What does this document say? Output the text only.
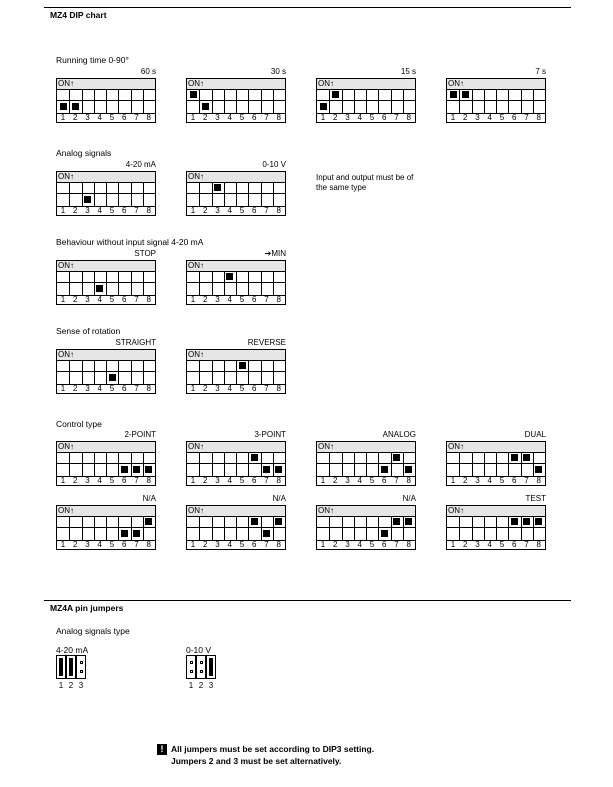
MZ4 DIP chart
Running time 0-90°
Analog signals
Input and output must be of the same type
Behaviour without input signal 4-20 mA
Sense of rotation
Control type
60 s
ON↑
1 2 3 4 5 6 7 8
30 s
ON↑
1 2 3 4 5 6 7 8
15 s
ON↑
1 2 3 4 5 6 7 8
7 s
ON↑
1 2 3 4 5 6 7 8
4-20 mA
ON↑
1 2 3 4 5 6 7 8
0-10 V
ON↑
1 2 3 4 5 6 7 8
STOP
ON↑
1 2 3 4 5 6 7 8
➔MIN
ON↑
1 2 3 4 5 6 7 8
STRAIGHT
ON↑
1 2 3 4 5 6 7 8
REVERSE
ON↑
1 2 3 4 5 6 7 8
2-POINT
ON↑
1 2 3 4 5 6 7 8
3-POINT
ON↑
1 2 3 4 5 6 7 8
ANALOG
ON↑
1 2 3 4 5 6 7 8
DUAL
ON↑
1 2 3 4 5 6 7 8
N/A
ON↑
1 2 3 4 5 6 7 8
N/A
ON↑
1 2 3 4 5 6 7 8
N/A
ON↑
1 2 3 4 5 6 7 8
TEST
ON↑
1 2 3 4 5 6 7 8
MZ4A pin jumpers
Analog signals type
4-20 mA	0-10 V
1 2 3	1 2 3
! All jumpers must be set according to DIP3 setting.
Jumpers 2 and 3 must be set alternatively.
